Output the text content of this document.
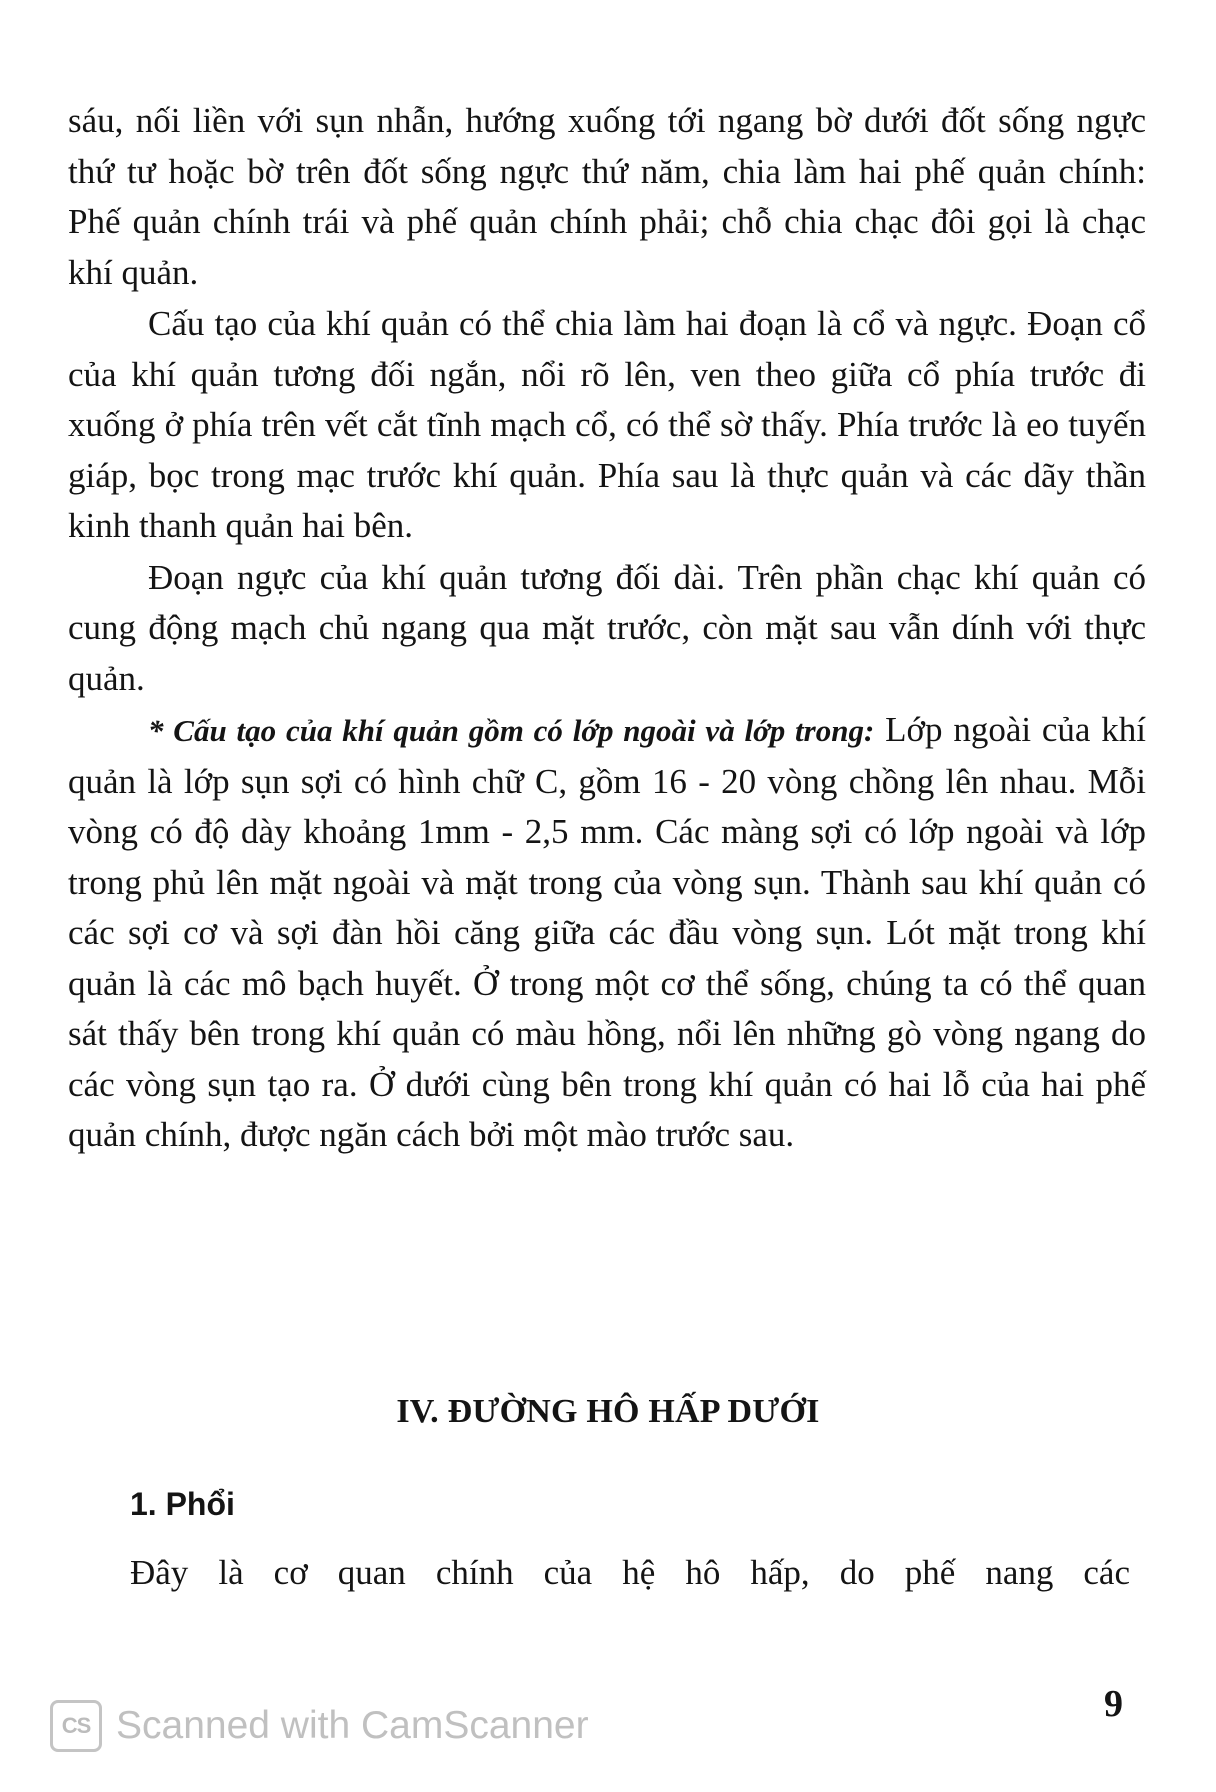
sáu, nối liền với sụn nhẫn, hướng xuống tới ngang bờ dưới đốt sống ngực thứ tư hoặc bờ trên đốt sống ngực thứ năm, chia làm hai phế quản chính: Phế quản chính trái và phế quản chính phải; chỗ chia chạc đôi gọi là chạc khí quản.

Cấu tạo của khí quản có thể chia làm hai đoạn là cổ và ngực. Đoạn cổ của khí quản tương đối ngắn, nổi rõ lên, ven theo giữa cổ phía trước đi xuống ở phía trên vết cắt tĩnh mạch cổ, có thể sờ thấy. Phía trước là eo tuyến giáp, bọc trong mạc trước khí quản. Phía sau là thực quản và các dãy thần kinh thanh quản hai bên.

Đoạn ngực của khí quản tương đối dài. Trên phần chạc khí quản có cung động mạch chủ ngang qua mặt trước, còn mặt sau vẫn dính với thực quản.

* Cấu tạo của khí quản gồm có lớp ngoài và lớp trong: Lớp ngoài của khí quản là lớp sụn sợi có hình chữ C, gồm 16 - 20 vòng chồng lên nhau. Mỗi vòng có độ dày khoảng 1mm - 2,5 mm. Các màng sợi có lớp ngoài và lớp trong phủ lên mặt ngoài và mặt trong của vòng sụn. Thành sau khí quản có các sợi cơ và sợi đàn hồi căng giữa các đầu vòng sụn. Lót mặt trong khí quản là các mô bạch huyết. Ở trong một cơ thể sống, chúng ta có thể quan sát thấy bên trong khí quản có màu hồng, nổi lên những gò vòng ngang do các vòng sụn tạo ra. Ở dưới cùng bên trong khí quản có hai lỗ của hai phế quản chính, được ngăn cách bởi một mào trước sau.

IV. ĐƯỜNG HÔ HẤP DƯỚI
1. Phổi
Đây là cơ quan chính của hệ hô hấp, do phế nang các
9
CS Scanned with CamScanner
